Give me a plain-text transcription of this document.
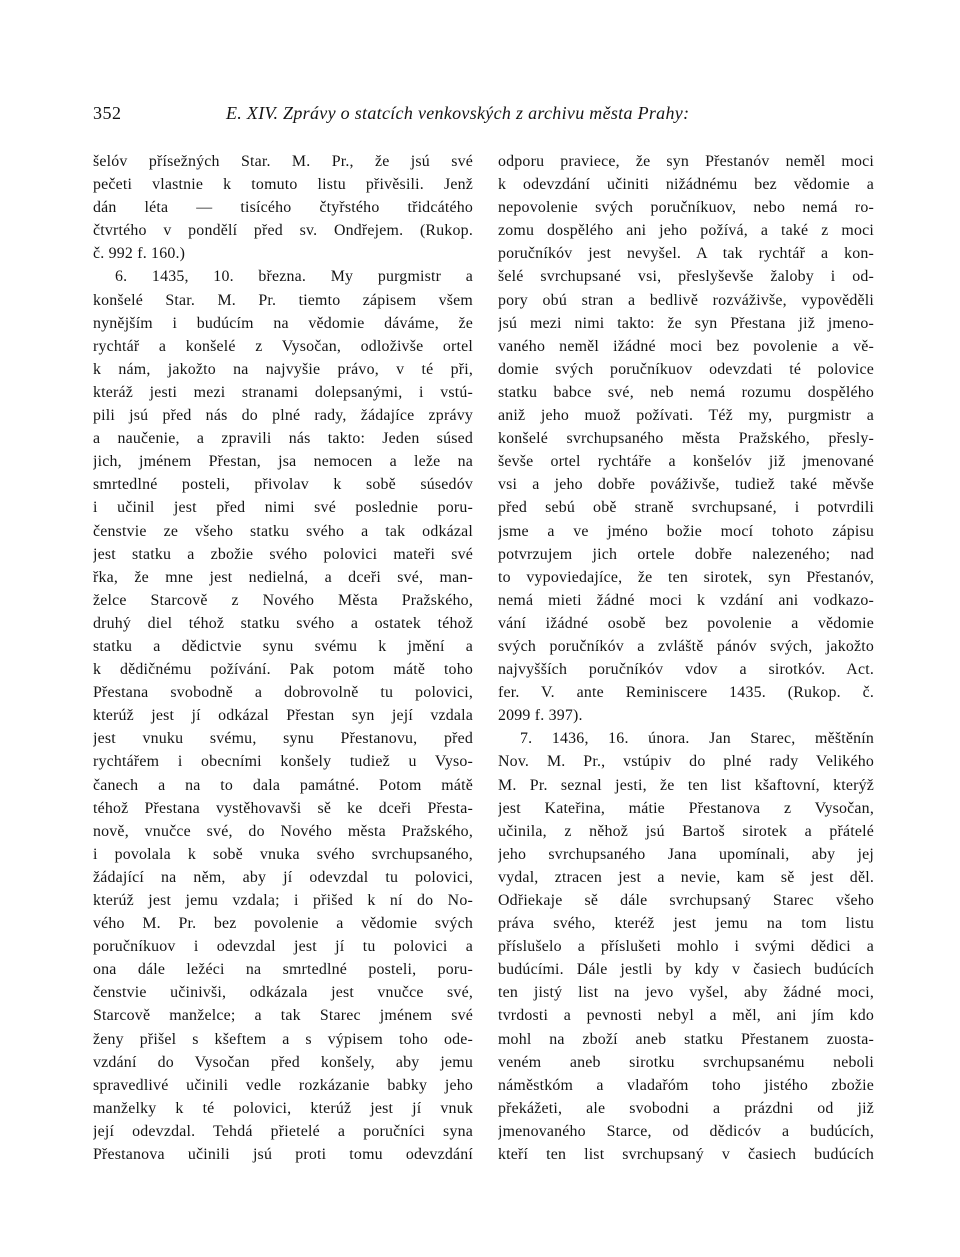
352	E. XIV. Zprávy o statcích venkovských z archivu města Prahy:
šelóv přísežných Star. M. Pr., že jsú své
pečeti vlastnie k tomuto listu přivěsili. Jenž
dán léta — tisícého čtyřstého třidcátého
čtvrtého v pondělí před sv. Ondřejem. (Rukop.
č. 992 f. 160.)
6. 1435, 10. března. My purgmistr a
konšelé Star. M. Pr. tiemto zápisem všem
nynějším i budúcím na vědomie dáváme, že
rychtář a konšelé z Vysočan, odloživše ortel
k nám, jakožto na najvyšie právo, v té při,
kteráž jesti mezi stranami dolepsanými, i vstú-
pili jsú před nás do plné rady, žádajíce zprávy
a naučenie, a zpravili nás takto: Jeden súsed
jich, jménem Přestan, jsa nemocen a leže na
smrtedlné posteli, přivolav k sobě súsedóv
i učinil jest před nimi své poslednie poru-
čenstvie ze všeho statku svého a tak odkázal
jest statku a zbožie svého polovici mateři své
řka, že mne jest nedielná, a dceři své, man-
želce Starcově z Nového Města Pražského,
druhý diel téhož statku svého a ostatek téhož
statku a dědictvie synu svému k jmění a
k dědičnému požívání. Pak potom mátě toho
Přestana svobodně a dobrovolně tu polovici,
kterúž jest jí odkázal Přestan syn její vzdala
jest vnuku svému, synu Přestanovu, před
rychtářem i obecními konšely tudiež u Vyso-
čanech a na to dala památné. Potom mátě
téhož Přestana vystěhovavši sě ke dceři Přesta-
nově, vnučce své, do Nového města Pražského,
i povolala k sobě vnuka svého svrchupsaného,
žádající na něm, aby jí odevzdal tu polovici,
kterúž jest jemu vzdala; i přišed k ní do No-
vého M. Pr. bez povolenie a vědomie svých
poručníkuov i odevzdal jest jí tu polovici a
ona dále ležéci na smrtedlné posteli, poru-
čenstvie učinivši, odkázala jest vnučce své,
Starcově manželce; a tak Starec jménem své
ženy přišel s kšeftem a s výpisem toho ode-
vzdání do Vysočan před konšely, aby jemu
spravedlivé učinili vedle rozkázanie babky jeho
manželky k té polovici, kterúž jest jí vnuk
její odevzdal. Tehdá přietelé a poručníci syna
Přestanova učinili jsú proti tomu odevzdání
odporu praviece, že syn Přestanóv neměl moci
k odevzdání učiniti nižádnému bez vědomie a
nepovolenie svých poručníkuov, nebo nemá ro-
zomu dospělého ani jeho požívá, a také z moci
poručníkóv jest nevyšel. A tak rychtář a kon-
šelé svrchupsané vsi, přeslyševše žaloby i od-
pory obú stran a bedlivě rozváživše, vypověděli
jsú mezi nimi takto: že syn Přestana již jmeno-
vaného neměl ižádné moci bez povolenie a vě-
domie svých poručníkuov odevzdati té polovice
statku babce své, neb nemá rozumu dospělého
aniž jeho muož požívati. Též my, purgmistr a
konšelé svrchupsaného města Pražského, přesly-
ševše ortel rychtáře a konšelóv již jmenované
vsi a jeho dobře pováživše, tudiež také měvše
před sebú obě straně svrchupsané, i potvrdili
jsme a ve jméno božie mocí tohoto zápisu
potvrzujem jich ortele dobře nalezeného; nad
to vypoviedajíce, že ten sirotek, syn Přestanóv,
nemá mieti žádné moci k vzdání ani vodkazo-
vání ižádné osobě bez povolenie a vědomie
svých poručníkóv a zvláště pánóv svých, jakožto
najvyšších poručníkóv vdov a sirotkóv. Act.
fer. V. ante Reminiscere 1435. (Rukop. č.
2099 f. 397).
7. 1436, 16. února. Jan Starec, měštěnín
Nov. M. Pr., vstúpiv do plné rady Velikého
M. Pr. seznal jesti, že ten list kšaftovní, kterýž
jest Kateřina, mátie Přestanova z Vysočan,
učinila, z něhož jsú Bartoš sirotek a přátelé
jeho svrchupsaného Jana upomínali, aby jej
vydal, ztracen jest a nevie, kam sě jest děl.
Odřiekaje sě dále svrchupsaný Starec všeho
práva svého, kteréž jest jemu na tom listu
příslušelo a příslušeti mohlo i svými dědici a
budúcími. Dále jestli by kdy v časiech budúcích
ten jistý list na jevo vyšel, aby žádné moci,
tvrdosti a pevnosti nebyl a měl, ani jím kdo
mohl na zboží aneb statku Přestanem zuosta-
veném aneb sirotku svrchupsanému neboli
náměstkóm a vladařóm toho jistého zbožie
překážeti, ale svobodni a prázdni od již
jmenovaného Starce, od dědicóv a budúcích,
kteří ten list svrchupsaný v časiech budúcích
